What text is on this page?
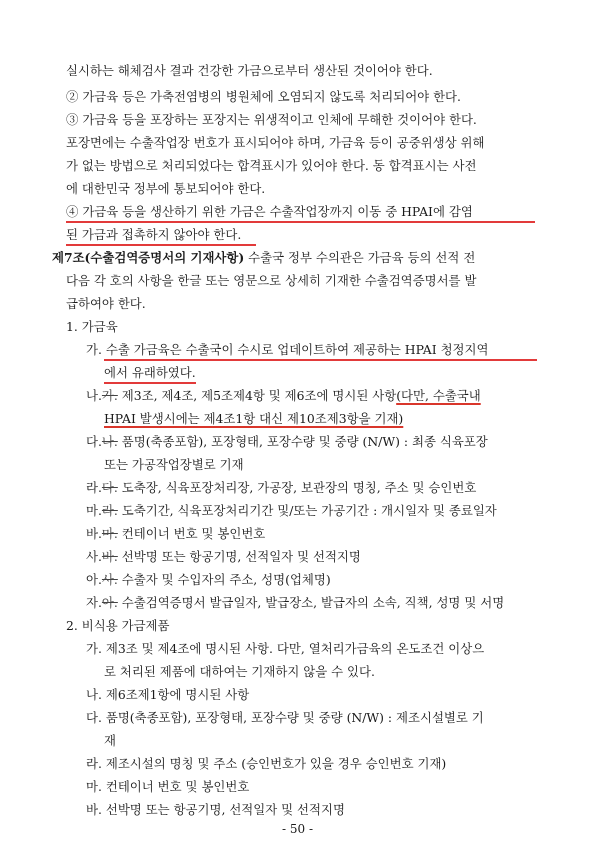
실시하는 해체검사 결과 건강한 가금으로부터 생산된 것이어야 한다.
② 가금육 등은 가축전염병의 병원체에 오염되지 않도록 처리되어야 한다.
③ 가금육 등을 포장하는 포장지는 위생적이고 인체에 무해한 것이어야 한다.
포장면에는 수출작업장 번호가 표시되어야 하며, 가금육 등이 공중위생상 위해
가 없는 방법으로 처리되었다는 합격표시가 있어야 한다. 동 합격표시는 사전
에 대한민국 정부에 통보되어야 한다.
④ 가금육 등을 생산하기 위한 가금은 수출작업장까지 이동 중 HPAI에 감염
된 가금과 접촉하지 않아야 한다.
제7조(수출검역증명서의 기재사항) 수출국 정부 수의관은 가금육 등의 선적 전
다음 각 호의 사항을 한글 또는 영문으로 상세히 기재한 수출검역증명서를 발
급하여야 한다.
1. 가금육
가. 수출 가금육은 수출국이 수시로 업데이트하여 제공하는 HPAI 청정지역
에서 유래하였다.
나.가. 제3조, 제4조, 제5조제4항 및 제6조에 명시된 사항(다만, 수출국내
HPAI 발생시에는 제4조1항 대신 제10조제3항을 기재)
다.나. 품명(축종포함), 포장형태, 포장수량 및 중량 (N/W) : 최종 식육포장
또는 가공작업장별로 기재
라.다. 도축장, 식육포장처리장, 가공장, 보관장의 명칭, 주소 및 승인번호
마.라. 도축기간, 식육포장처리기간 및/또는 가공기간 : 개시일자 및 종료일자
바.마. 컨테이너 번호 및 봉인번호
사.바. 선박명 또는 항공기명, 선적일자 및 선적지명
아.사. 수출자 및 수입자의 주소, 성명(업체명)
자.아. 수출검역증명서 발급일자, 발급장소, 발급자의 소속, 직책, 성명 및 서명
2. 비식용 가금제품
가. 제3조 및 제4조에 명시된 사항. 다만, 열처리가금육의 온도조건 이상으
로 처리된 제품에 대하여는 기재하지 않을 수 있다.
나. 제6조제1항에 명시된 사항
다. 품명(축종포함), 포장형태, 포장수량 및 중량 (N/W) : 제조시설별로 기
재
라. 제조시설의 명칭 및 주소 (승인번호가 있을 경우 승인번호 기재)
마. 컨테이너 번호 및 봉인번호
바. 선박명 또는 항공기명, 선적일자 및 선적지명
- 50 -
